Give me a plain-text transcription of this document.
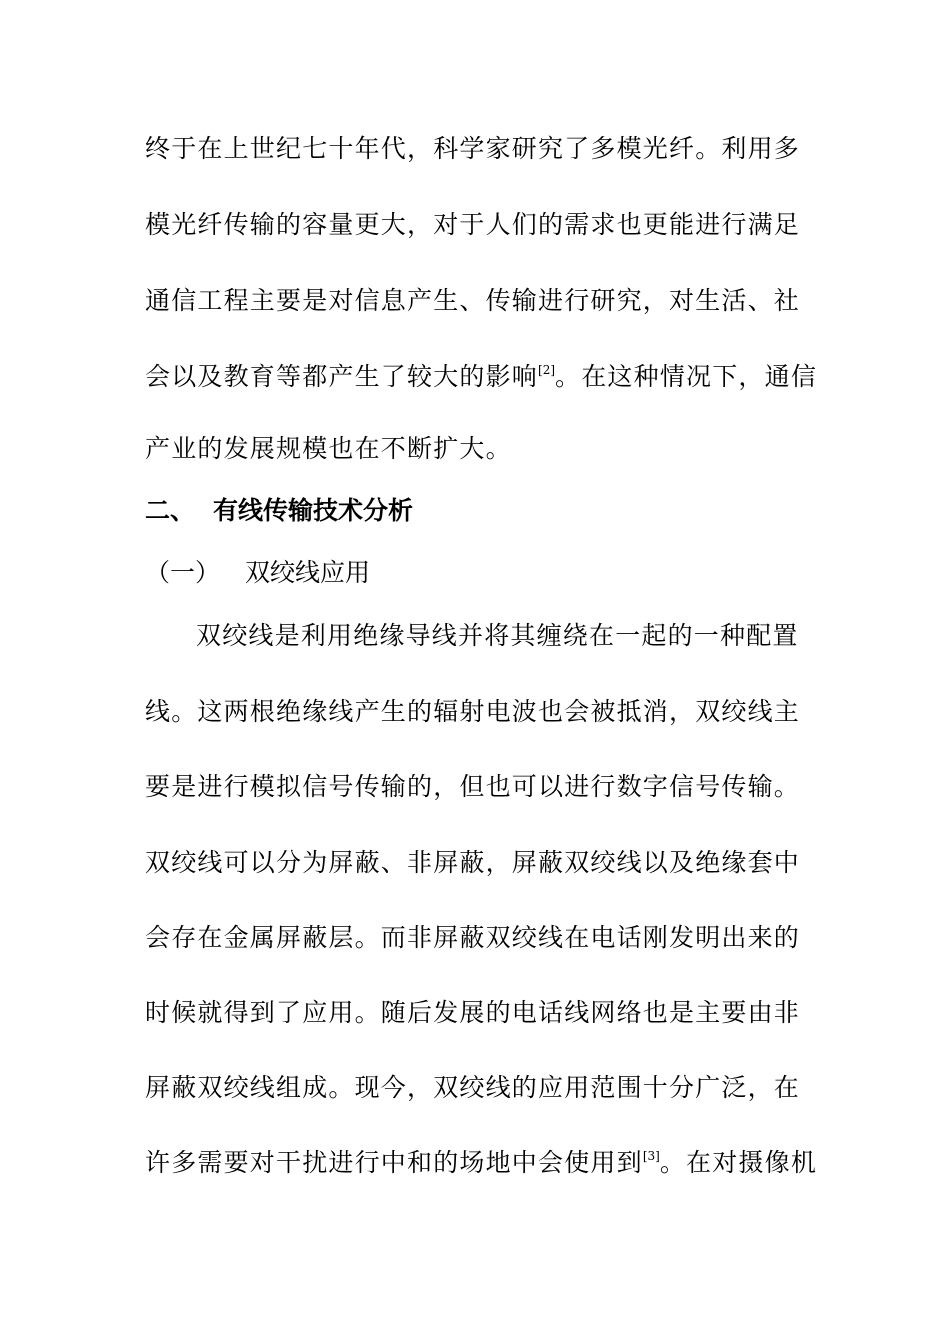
终于在上世纪七十年代，科学家研究了多模光纤。利用多
模光纤传输的容量更大，对于人们的需求也更能进行满足
通信工程主要是对信息产生、传输进行研究，对生活、社
会以及教育等都产生了较大的影响[2]。在这种情况下，通信
产业的发展规模也在不断扩大。
二、 有线传输技术分析
（一） 双绞线应用
双绞线是利用绝缘导线并将其缠绕在一起的一种配置
线。这两根绝缘线产生的辐射电波也会被抵消，双绞线主
要是进行模拟信号传输的，但也可以进行数字信号传输。
双绞线可以分为屏蔽、非屏蔽，屏蔽双绞线以及绝缘套中
会存在金属屏蔽层。而非屏蔽双绞线在电话刚发明出来的
时候就得到了应用。随后发展的电话线网络也是主要由非
屏蔽双绞线组成。现今，双绞线的应用范围十分广泛，在
许多需要对干扰进行中和的场地中会使用到[3]。在对摄像机
